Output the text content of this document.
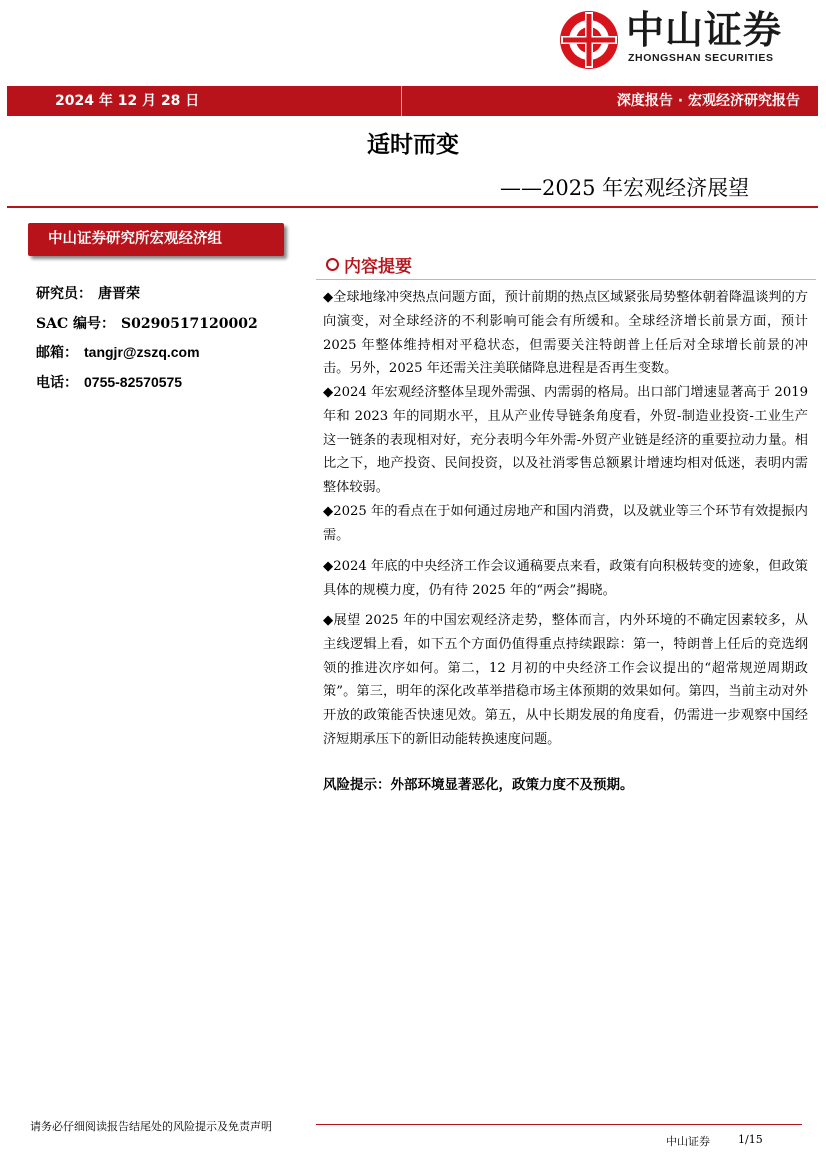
中山证券
ZHONGSHAN SECURITIES
2024 年 12 月 28 日	深度报告 · 宏观经济研究报告
适时而变
——2025 年宏观经济展望
中山证券研究所宏观经济组
研究员： 唐晋荣
SAC 编号： S0290517120002
邮箱： tangjr@zszq.com
电话： 0755-82570575
内容提要
◆全球地缘冲突热点问题方面，预计前期的热点区域紧张局势整体朝着降温谈判的方向演变，对全球经济的不利影响可能会有所缓和。全球经济增长前景方面，预计 2025 年整体维持相对平稳状态，但需要关注特朗普上任后对全球增长前景的冲击。另外，2025 年还需关注美联储降息进程是否再生变数。
◆2024 年宏观经济整体呈现外需强、内需弱的格局。出口部门增速显著高于 2019 年和 2023 年的同期水平，且从产业传导链条角度看，外贸-制造业投资-工业生产这一链条的表现相对好，充分表明今年外需-外贸产业链是经济的重要拉动力量。相比之下，地产投资、民间投资，以及社消零售总额累计增速均相对低迷，表明内需整体较弱。
◆2025 年的看点在于如何通过房地产和国内消费，以及就业等三个环节有效提振内需。
◆2024 年底的中央经济工作会议通稿要点来看，政策有向积极转变的迹象，但政策具体的规模力度，仍有待 2025 年的“两会”揭晓。
◆展望 2025 年的中国宏观经济走势，整体而言，内外环境的不确定因素较多，从主线逻辑上看，如下五个方面仍值得重点持续跟踪：第一，特朗普上任后的竞选纲领的推进次序如何。第二，12 月初的中央经济工作会议提出的“超常规逆周期政策”。第三，明年的深化改革举措稳市场主体预期的效果如何。第四，当前主动对外开放的政策能否快速见效。第五，从中长期发展的角度看，仍需进一步观察中国经济短期承压下的新旧动能转换速度问题。
风险提示：外部环境显著恶化，政策力度不及预期。
请务必仔细阅读报告结尾处的风险提示及免责声明
中山证券	1/15
